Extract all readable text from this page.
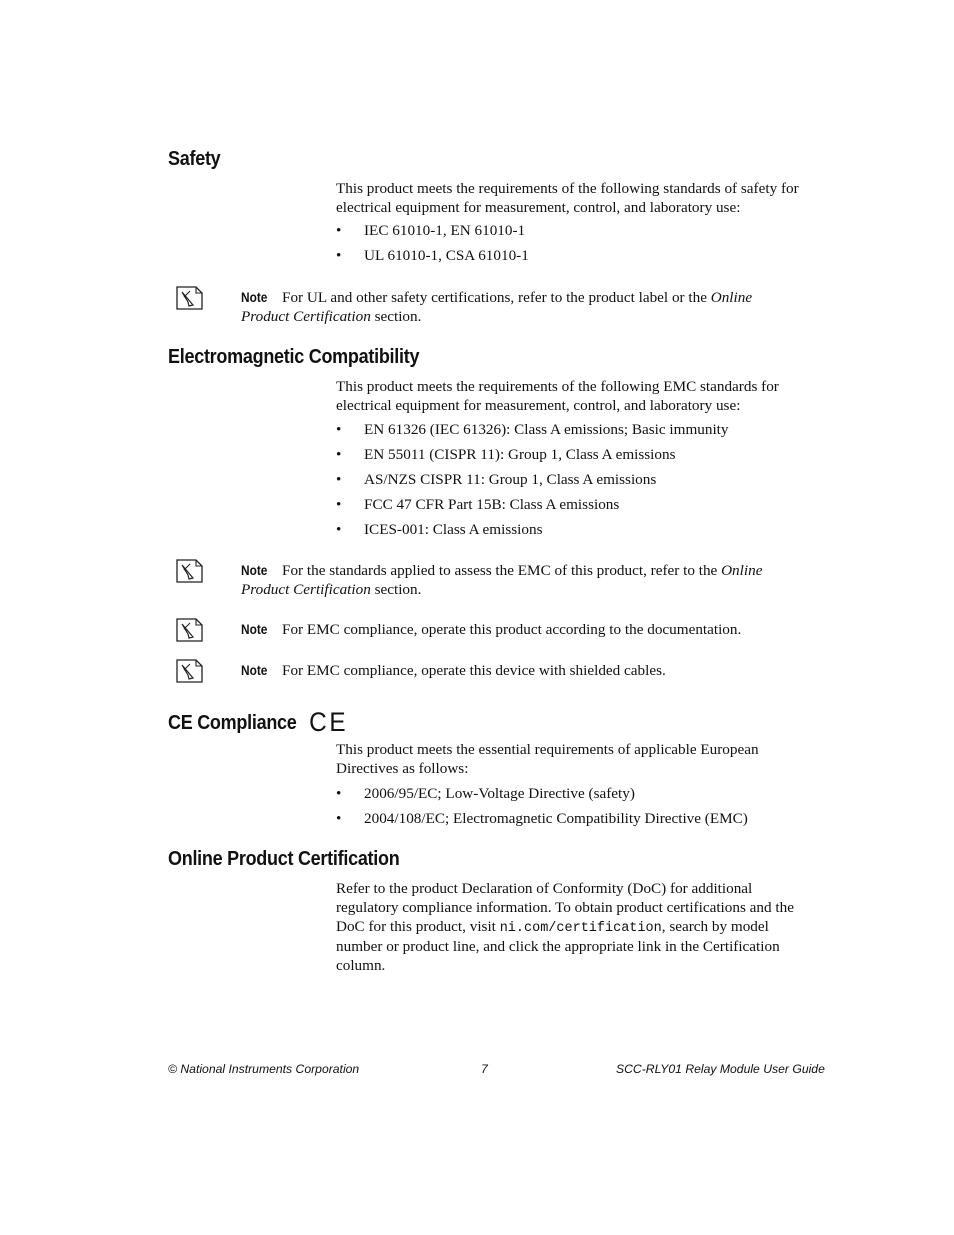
Safety

This product meets the requirements of the following standards of safety for electrical equipment for measurement, control, and laboratory use:

• IEC 61010-1, EN 61010-1

• UL 61010-1, CSA 61010-1

Note For UL and other safety certifications, refer to the product label or the Online Product Certification section.

Electromagnetic Compatibility

This product meets the requirements of the following EMC standards for electrical equipment for measurement, control, and laboratory use:

• EN 61326 (IEC 61326): Class A emissions; Basic immunity

• EN 55011 (CISPR 11): Group 1, Class A emissions

• AS/NZS CISPR 11: Group 1, Class A emissions

• FCC 47 CFR Part 15B: Class A emissions

• ICES-001: Class A emissions

Note For the standards applied to assess the EMC of this product, refer to the Online Product Certification section.

Note For EMC compliance, operate this product according to the documentation.

Note For EMC compliance, operate this device with shielded cables.

CE Compliance CE

This product meets the essential requirements of applicable European Directives as follows:

• 2006/95/EC; Low-Voltage Directive (safety)

• 2004/108/EC; Electromagnetic Compatibility Directive (EMC)

Online Product Certification

Refer to the product Declaration of Conformity (DoC) for additional regulatory compliance information. To obtain product certifications and the DoC for this product, visit ni.com/certification, search by model number or product line, and click the appropriate link in the Certification column.

© National Instruments Corporation	7	SCC-RLY01 Relay Module User Guide
